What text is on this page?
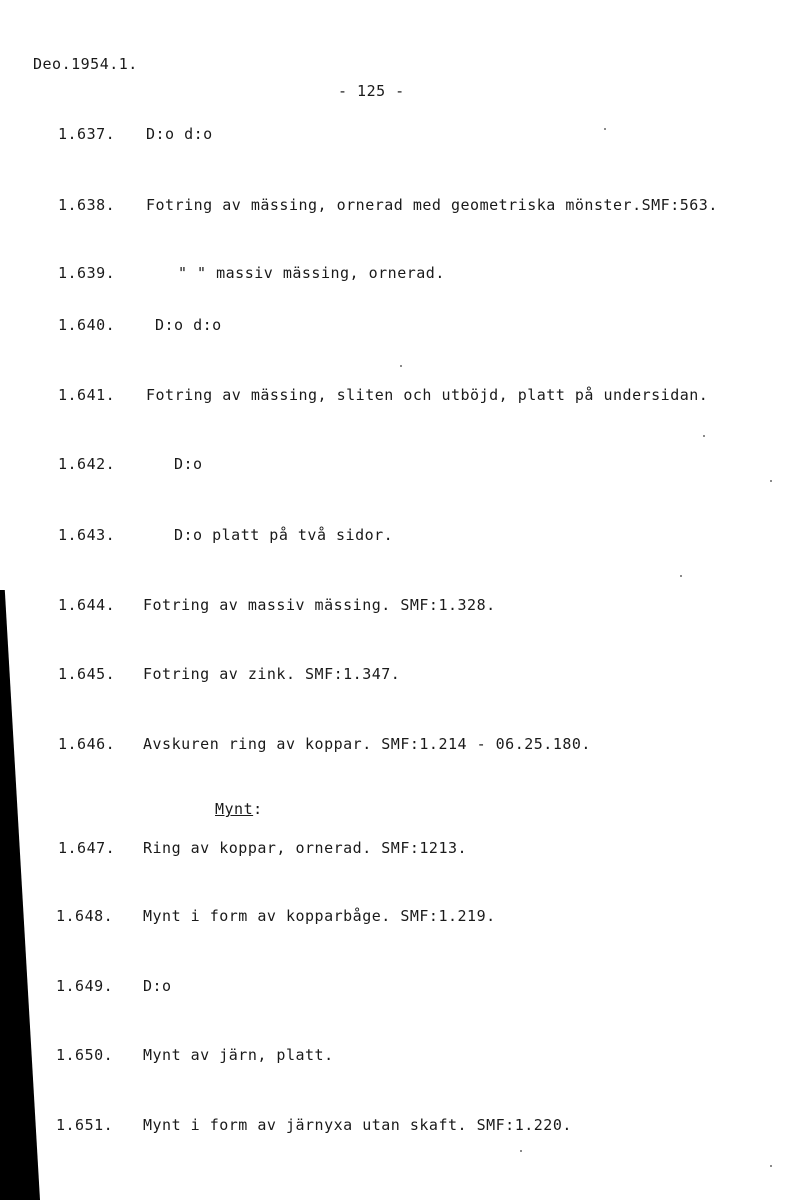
Deo.1954.1.
- 125 -
1.637. D:o d:o
1.638. Fotring av mässing, ornerad med geometriska mönster.SMF:563.
1.639.	" " massiv mässing, ornerad.
1.640.	D:o d:o
1.641. Fotring av mässing, sliten och utböjd, platt på undersidan.
1.642.	D:o
1.643.	D:o platt på två sidor.
1.644. Fotring av massiv mässing. SMF:1.328.
1.645. Fotring av zink. SMF:1.347.
1.646. Avskuren ring av koppar. SMF:1.214 - 06.25.180.
Mynt:
1.647. Ring av koppar, ornerad. SMF:1213.
1.648. Mynt i form av kopparbåge. SMF:1.219.
1.649. D:o
1.650. Mynt av järn, platt.
1.651. Mynt i form av järnyxa utan skaft. SMF:1.220.
